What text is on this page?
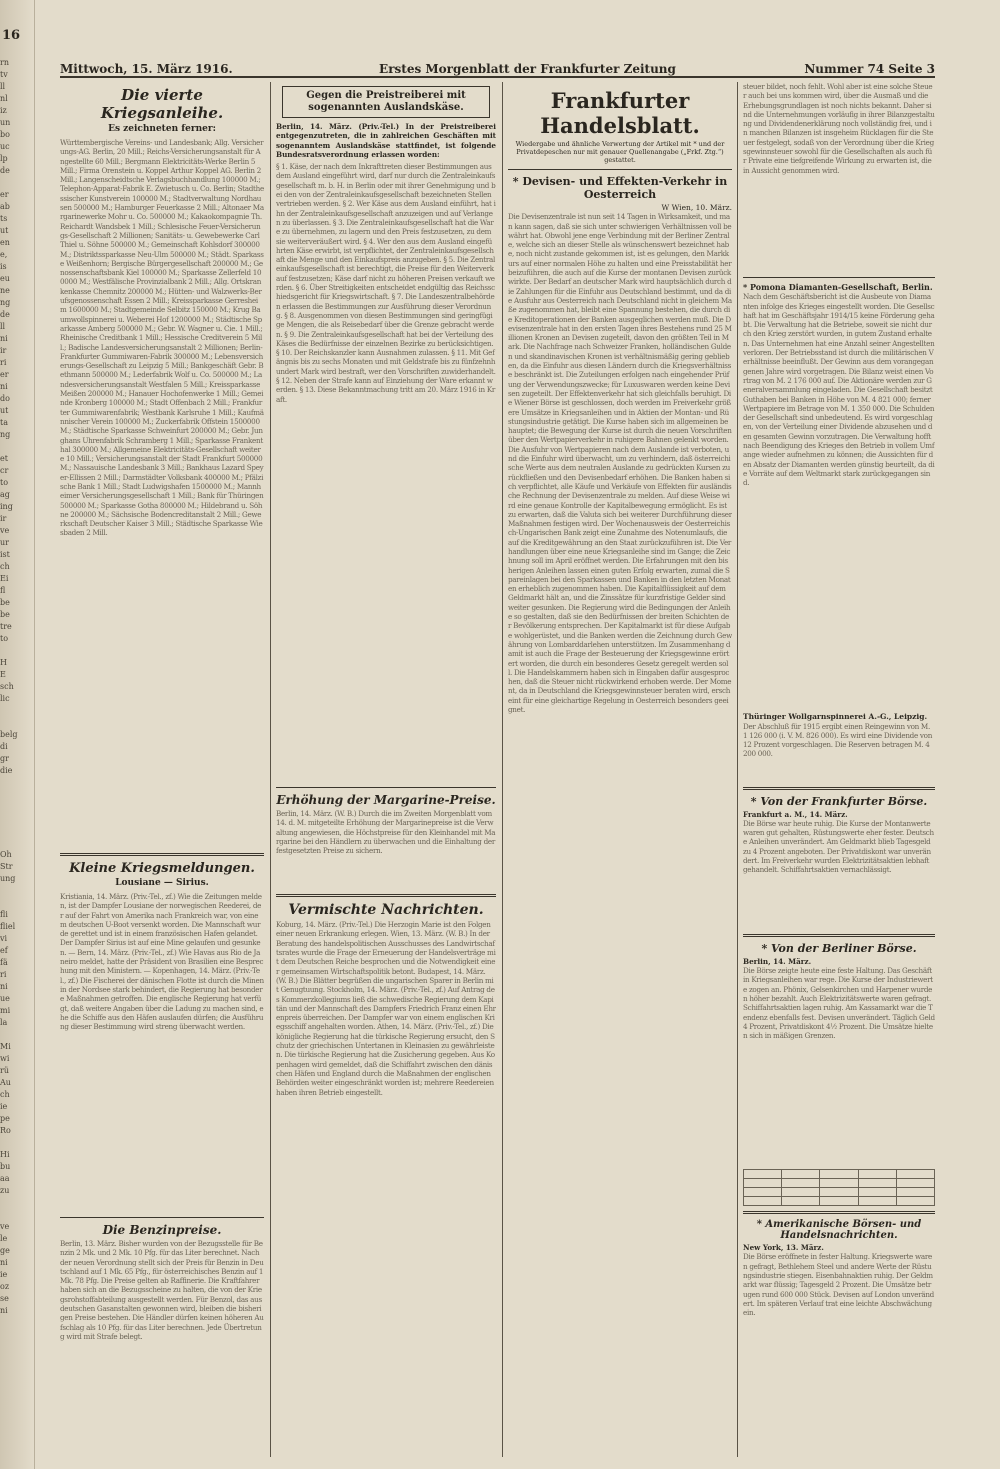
16
rn
tv
ll
nl
iz
un
bo
uc
lp
de

er
ab
ts
ut
en
e,
is
eu
ne
ng
de
ll
ni
ir
ri
er
ni
do
ut
ta
ng

et
cr
to
ag
ing
ir
ve
ur
ist
ch
Ei
fl
be
be
tre
to

H
E
sch
lic

belg
di
gr
die

Oh
Str
ung

fli
fliel
vi
ef
fä
ri
ni
ue
mi
la

Mi
wi
rü
Au
ch
ie
pe
Ro

Hi
bu
aa
zu

ve
le
ge
ni
ie
oz
se
ni
Mittwoch, 15. März 1916.	Erstes Morgenblatt der Frankfurter Zeitung	Nummer 74 Seite 3
Die vierte Kriegsanleihe.
Es zeichneten ferner:
Württembergische Vereins- und Landesbank; Allg. Versicherungs-AG. Berlin, 20 Mill.; Reichs-Versicherungsanstalt für Angestellte 60 Mill.; Bergmann Elektricitäts-Werke Berlin 5 Mill.; Firma Orenstein u. Koppel Arthur Koppel AG. Berlin 2 Mill.; Langenscheidtsche Verlagsbuchhandlung 100000 M.; Telephon-Apparat-Fabrik E. Zwietusch u. Co. Berlin; Stadthessischer Kunstverein 100000 M.; Stadtverwaltung Nordhausen 500000 M.; Hamburger Feuerkasse 2 Mill.; Altonaer Margarinewerke Mohr u. Co. 500000 M.; Kakaokompagnie Th. Reichardt Wandsbek 1 Mill.; Schlesische Feuer-Versicherungs-Gesellschaft 2 Millionen; Sanitäts- u. Gewebewerke Carl Thiel u. Söhne 500000 M.; Gemeinschaft Kohlsdorf 300000 M.; Distriktssparkasse Neu-Ulm 500000 M.; Städt. Sparkasse Weißenhorn; Bergische Bürgergesellschaft 200000 M.; Genossenschaftsbank Kiel 100000 M.; Sparkasse Zellerfeld 100000 M.; Westfälische Provinzialbank 2 Mill.; Allg. Ortskrankenkasse Chemnitz 200000 M.; Hütten- und Walzwerks-Berufsgenossenschaft Essen 2 Mill.; Kreissparkasse Gerresheim 1600000 M.; Stadtgemeinde Selbitz 150000 M.; Krug Baumwollspinnerei u. Weberei Hof 1200000 M.; Städtische Sparkasse Amberg 500000 M.; Gebr. W. Wagner u. Cie. 1 Mill.; Rheinische Creditbank 1 Mill.; Hessische Creditverein 5 Mill.; Badische Landesversicherungsanstalt 2 Millionen; Berlin-Frankfurter Gummiwaren-Fabrik 300000 M.; Lebensversicherungs-Gesellschaft zu Leipzig 5 Mill.; Bankgeschäft Gebr. Bethmann 500000 M.; Lederfabrik Wolf u. Co. 500000 M.; Landesversicherungsanstalt Westfalen 5 Mill.; Kreissparkasse Meißen 200000 M.; Hanauer Hochofenwerke 1 Mill.; Gemeinde Kronberg 100000 M.; Stadt Offenbach 2 Mill.; Frankfurter Gummiwarenfabrik; Westbank Karlsruhe 1 Mill.; Kaufmännischer Verein 100000 M.; Zuckerfabrik Offstein 1500000 M.; Städtische Sparkasse Schweinfurt 200000 M.; Gebr. Junghans Uhrenfabrik Schramberg 1 Mill.; Sparkasse Frankenthal 300000 M.; Allgemeine Elektricitäts-Gesellschaft weitere 10 Mill.; Versicherungsanstalt der Stadt Frankfurt 500000 M.; Nassauische Landesbank 3 Mill.; Bankhaus Lazard Speyer-Ellissen 2 Mill.; Darmstädter Volksbank 400000 M.; Pfälzische Bank 1 Mill.; Stadt Ludwigshafen 1500000 M.; Mannheimer Versicherungsgesellschaft 1 Mill.; Bank für Thüringen 500000 M.; Sparkasse Gotha 800000 M.; Hildebrand u. Söhne 200000 M.; Sächsische Bodencreditanstalt 2 Mill.; Gewerkschaft Deutscher Kaiser 3 Mill.; Städtische Sparkasse Wiesbaden 2 Mill.
Kleine Kriegsmeldungen.
Lousiane — Sirius.
Kristiania, 14. März. (Priv.-Tel., zf.) Wie die Zeitungen melden, ist der Dampfer Lousiane der norwegischen Reederei, der auf der Fahrt von Amerika nach Frankreich war, von einem deutschen U-Boot versenkt worden. Die Mannschaft wurde gerettet und ist in einem französischen Hafen gelandet. Der Dampfer Sirius ist auf eine Mine gelaufen und gesunken. — Bern, 14. März. (Priv.-Tel., zf.) Wie Havas aus Rio de Janeiro meldet, hatte der Präsident von Brasilien eine Besprechung mit den Ministern. — Kopenhagen, 14. März. (Priv.-Tel., zf.) Die Fischerei der dänischen Flotte ist durch die Minen in der Nordsee stark behindert, die Regierung hat besondere Maßnahmen getroffen. Die englische Regierung hat verfügt, daß weitere Angaben über die Ladung zu machen sind, ehe die Schiffe aus den Häfen auslaufen dürfen; die Ausführung dieser Bestimmung wird streng überwacht werden.
Die Benzinpreise.
Berlin, 13. März. Bisher wurden von der Bezugsstelle für Benzin 2 Mk. und 2 Mk. 10 Pfg. für das Liter berechnet. Nach der neuen Verordnung stellt sich der Preis für Benzin in Deutschland auf 1 Mk. 65 Pfg., für österreichisches Benzin auf 1 Mk. 78 Pfg. Die Preise gelten ab Raffinerie. Die Kraftfahrer haben sich an die Bezugsscheine zu halten, die von der Kriegsrohstoffabteilung ausgestellt werden. Für Benzol, das aus deutschen Gasanstalten gewonnen wird, bleiben die bisherigen Preise bestehen. Die Händler dürfen keinen höheren Aufschlag als 10 Pfg. für das Liter berechnen. Jede Übertretung wird mit Strafe belegt.
Gegen die Preistreiberei mit sogenannten Auslandskäse.
Berlin, 14. März. (Priv.-Tel.) In der Preistreiberei entgegenzutreten, die in zahlreichen Geschäften mit sogenanntem Auslandskäse stattfindet, ist folgende Bundesratsverordnung erlassen worden:
§ 1. Käse, der nach dem Inkrafttreten dieser Bestimmungen aus dem Ausland eingeführt wird, darf nur durch die Zentraleinkaufsgesellschaft m. b. H. in Berlin oder mit ihrer Genehmigung und bei den von der Zentraleinkaufsgesellschaft bezeichneten Stellen vertrieben werden. § 2. Wer Käse aus dem Ausland einführt, hat ihn der Zentraleinkaufsgesellschaft anzuzeigen und auf Verlangen zu überlassen. § 3. Die Zentraleinkaufsgesellschaft hat die Ware zu übernehmen, zu lagern und den Preis festzusetzen, zu dem sie weiterveräußert wird. § 4. Wer den aus dem Ausland eingeführten Käse erwirbt, ist verpflichtet, der Zentraleinkaufsgesellschaft die Menge und den Einkaufspreis anzugeben. § 5. Die Zentraleinkaufsgesellschaft ist berechtigt, die Preise für den Weiterverkauf festzusetzen; Käse darf nicht zu höheren Preisen verkauft werden. § 6. Über Streitigkeiten entscheidet endgültig das Reichsschiedsgericht für Kriegswirtschaft. § 7. Die Landeszentralbehörden erlassen die Bestimmungen zur Ausführung dieser Verordnung. § 8. Ausgenommen von diesen Bestimmungen sind geringfügige Mengen, die als Reisebedarf über die Grenze gebracht werden. § 9. Die Zentraleinkaufsgesellschaft hat bei der Verteilung des Käses die Bedürfnisse der einzelnen Bezirke zu berücksichtigen. § 10. Der Reichskanzler kann Ausnahmen zulassen. § 11. Mit Gefängnis bis zu sechs Monaten und mit Geldstrafe bis zu fünfzehnhundert Mark wird bestraft, wer den Vorschriften zuwiderhandelt. § 12. Neben der Strafe kann auf Einziehung der Ware erkannt werden. § 13. Diese Bekanntmachung tritt am 20. März 1916 in Kraft.
Erhöhung der Margarine-Preise.
Berlin, 14. März. (W. B.) Durch die im Zweiten Morgenblatt vom 14. d. M. mitgeteilte Erhöhung der Margarinepreise ist die Verwaltung angewiesen, die Höchstpreise für den Kleinhandel mit Margarine bei den Händlern zu überwachen und die Einhaltung der festgesetzten Preise zu sichern.
Vermischte Nachrichten.
Koburg, 14. März. (Priv.-Tel.) Die Herzogin Marie ist den Folgen einer neuen Erkrankung erlegen. Wien, 13. März. (W. B.) In der Beratung des handelspolitischen Ausschusses des Landwirtschaftsrates wurde die Frage der Erneuerung der Handelsverträge mit dem Deutschen Reiche besprochen und die Notwendigkeit einer gemeinsamen Wirtschaftspolitik betont. Budapest, 14. März. (W. B.) Die Blätter begrüßen die ungarischen Sparer in Berlin mit Genugtuung. Stockholm, 14. März. (Priv.-Tel., zf.) Auf Antrag des Kommerzkollegiums ließ die schwedische Regierung dem Kapitän und der Mannschaft des Dampfers Friedrich Franz einen Ehrenpreis überreichen. Der Dampfer war von einem englischen Kriegsschiff angehalten worden. Athen, 14. März. (Priv.-Tel., zf.) Die königliche Regierung hat die türkische Regierung ersucht, den Schutz der griechischen Untertanen in Kleinasien zu gewährleisten. Die türkische Regierung hat die Zusicherung gegeben. Aus Kopenhagen wird gemeldet, daß die Schiffahrt zwischen den dänischen Häfen und England durch die Maßnahmen der englischen Behörden weiter eingeschränkt worden ist; mehrere Reedereien haben ihren Betrieb eingestellt.
Frankfurter Handelsblatt.
Wiedergabe und ähnliche Verwertung der Artikel mit * und der Privatdepeschen nur mit genauer Quellenangabe („Frkf. Ztg.“) gestattet.
* Devisen- und Effekten-Verkehr in Oesterreich
W Wien, 10. März.
Die Devisenzentrale ist nun seit 14 Tagen in Wirksamkeit, und man kann sagen, daß sie sich unter schwierigen Verhältnissen voll bewährt hat. Obwohl jene enge Verbindung mit der Berliner Zentrale, welche sich an dieser Stelle als wünschenswert bezeichnet habe, noch nicht zustande gekommen ist, ist es gelungen, den Markkurs auf einer normalen Höhe zu halten und eine Preisstabilität herbeizuführen, die auch auf die Kurse der montanen Devisen zurückwirkte. Der Bedarf an deutscher Mark wird hauptsächlich durch die Zahlungen für die Einfuhr aus Deutschland bestimmt, und da die Ausfuhr aus Oesterreich nach Deutschland nicht in gleichem Maße zugenommen hat, bleibt eine Spannung bestehen, die durch die Kreditoperationen der Banken ausgeglichen werden muß. Die Devisenzentrale hat in den ersten Tagen ihres Bestehens rund 25 Millionen Kronen an Devisen zugeteilt, davon den größten Teil in Mark. Die Nachfrage nach Schweizer Franken, holländischen Gulden und skandinavischen Kronen ist verhältnismäßig gering geblieben, da die Einfuhr aus diesen Ländern durch die Kriegsverhältnisse beschränkt ist. Die Zuteilungen erfolgen nach eingehender Prüfung der Verwendungszwecke; für Luxuswaren werden keine Devisen zugeteilt. Der Effektenverkehr hat sich gleichfalls beruhigt. Die Wiener Börse ist geschlossen, doch werden im Freiverkehr größere Umsätze in Kriegsanleihen und in Aktien der Montan- und Rüstungsindustrie getätigt. Die Kurse haben sich im allgemeinen behauptet; die Bewegung der Kurse ist durch die neuen Vorschriften über den Wertpapierverkehr in ruhigere Bahnen gelenkt worden. Die Ausfuhr von Wertpapieren nach dem Auslande ist verboten, und die Einfuhr wird überwacht, um zu verhindern, daß österreichische Werte aus dem neutralen Auslande zu gedrückten Kursen zurückfließen und den Devisenbedarf erhöhen. Die Banken haben sich verpflichtet, alle Käufe und Verkäufe von Effekten für ausländische Rechnung der Devisenzentrale zu melden. Auf diese Weise wird eine genaue Kontrolle der Kapitalbewegung ermöglicht. Es ist zu erwarten, daß die Valuta sich bei weiterer Durchführung dieser Maßnahmen festigen wird. Der Wochenausweis der Oesterreichisch-Ungarischen Bank zeigt eine Zunahme des Notenumlaufs, die auf die Kreditgewährung an den Staat zurückzuführen ist. Die Verhandlungen über eine neue Kriegsanleihe sind im Gange; die Zeichnung soll im April eröffnet werden. Die Erfahrungen mit den bisherigen Anleihen lassen einen guten Erfolg erwarten, zumal die Spareinlagen bei den Sparkassen und Banken in den letzten Monaten erheblich zugenommen haben. Die Kapitalflüssigkeit auf dem Geldmarkt hält an, und die Zinssätze für kurzfristige Gelder sind weiter gesunken. Die Regierung wird die Bedingungen der Anleihe so gestalten, daß sie den Bedürfnissen der breiten Schichten der Bevölkerung entsprechen. Der Kapitalmarkt ist für diese Aufgabe wohlgerüstet, und die Banken werden die Zeichnung durch Gewährung von Lombarddarlehen unterstützen. Im Zusammenhang damit ist auch die Frage der Besteuerung der Kriegsgewinne erörtert worden, die durch ein besonderes Gesetz geregelt werden soll. Die Handelskammern haben sich in Eingaben dafür ausgesprochen, daß die Steuer nicht rückwirkend erhoben werde. Der Moment, da in Deutschland die Kriegsgewinnsteuer beraten wird, erscheint für eine gleichartige Regelung in Oesterreich besonders geeignet.
steuer bildet, noch fehlt. Wohl aber ist eine solche Steuer auch bei uns kommen wird, über die Ausmaß und die Erhebungsgrundlagen ist noch nichts bekannt. Daher sind die Unternehmungen vorläufig in ihrer Bilanzgestaltung und Dividendenerklärung noch vollständig frei, und in manchen Bilanzen ist insgeheim Rücklagen für die Steuer festgelegt, sodaß von der Verordnung über die Kriegsgewinnsteuer sowohl für die Gesellschaften als auch für Private eine tiefgreifende Wirkung zu erwarten ist, die in Aussicht genommen wird.
* Pomona Diamanten-Gesellschaft, Berlin.
Nach dem Geschäftsbericht ist die Ausbeute von Diamanten infolge des Krieges eingestellt worden. Die Gesellschaft hat im Geschäftsjahr 1914/15 keine Förderung gehabt. Die Verwaltung hat die Betriebe, soweit sie nicht durch den Krieg zerstört wurden, in gutem Zustand erhalten. Das Unternehmen hat eine Anzahl seiner Angestellten verloren. Der Betriebsstand ist durch die militärischen Verhältnisse beeinflußt. Der Gewinn aus dem vorangegangenen Jahre wird vorgetragen. Die Bilanz weist einen Vortrag von M. 2 176 000 auf. Die Aktionäre werden zur Generalversammlung eingeladen. Die Gesellschaft besitzt Guthaben bei Banken in Höhe von M. 4 821 000; ferner Wertpapiere im Betrage von M. 1 350 000. Die Schulden der Gesellschaft sind unbedeutend. Es wird vorgeschlagen, von der Verteilung einer Dividende abzusehen und den gesamten Gewinn vorzutragen. Die Verwaltung hofft nach Beendigung des Krieges den Betrieb in vollem Umfange wieder aufnehmen zu können; die Aussichten für den Absatz der Diamanten werden günstig beurteilt, da die Vorräte auf dem Weltmarkt stark zurückgegangen sind.
Thüringer Wollgarnspinnerei A.-G., Leipzig.
Der Abschluß für 1915 ergibt einen Reingewinn von M. 1 126 000 (i. V. M. 826 000). Es wird eine Dividende von 12 Prozent vorgeschlagen. Die Reserven betragen M. 4 200 000.
* Von der Frankfurter Börse.
Frankfurt a. M., 14. März.
Die Börse war heute ruhig. Die Kurse der Montanwerte waren gut gehalten, Rüstungswerte eher fester. Deutsche Anleihen unverändert. Am Geldmarkt blieb Tagesgeld zu 4 Prozent angeboten. Der Privatdiskont war unverändert. Im Freiverkehr wurden Elektrizitätsaktien lebhaft gehandelt. Schiffahrtsaktien vernachlässigt.
* Von der Berliner Börse.
Berlin, 14. März.
Die Börse zeigte heute eine feste Haltung. Das Geschäft in Kriegsanleihen war rege. Die Kurse der Industriewerte zogen an. Phönix, Gelsenkirchen und Harpener wurden höher bezahlt. Auch Elektrizitätswerte waren gefragt. Schiffahrtsaktien lagen ruhig. Am Kassamarkt war die Tendenz ebenfalls fest. Devisen unverändert. Täglich Geld 4 Prozent, Privatdiskont 4½ Prozent. Die Umsätze hielten sich in mäßigen Grenzen.

* Amerikanische Börsen- und Handelsnachrichten.
New York, 13. März.
Die Börse eröffnete in fester Haltung. Kriegswerte waren gefragt, Bethlehem Steel und andere Werte der Rüstungsindustrie stiegen. Eisenbahnaktien ruhig. Der Geldmarkt war flüssig; Tagesgeld 2 Prozent. Die Umsätze betrugen rund 600 000 Stück. Devisen auf London unverändert. Im späteren Verlauf trat eine leichte Abschwächung ein.
